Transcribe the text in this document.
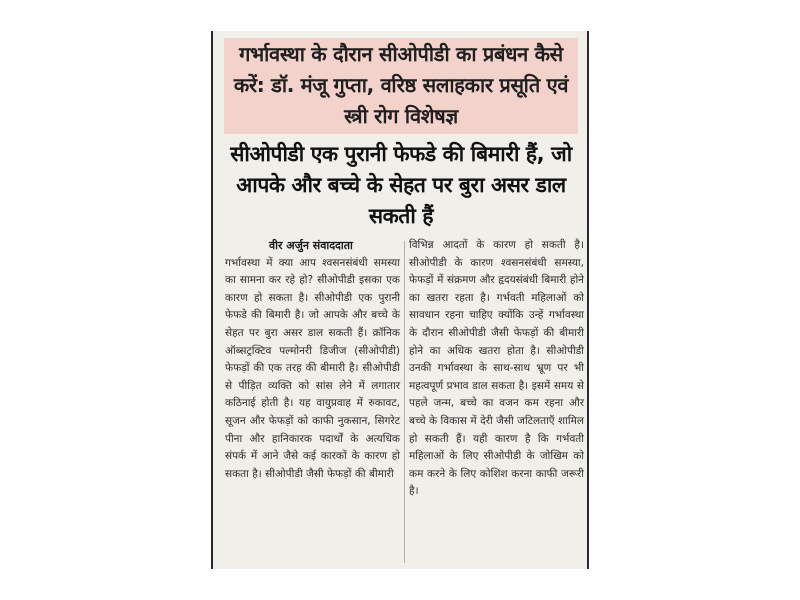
गर्भावस्था के दौरान सीओपीडी का प्रबंधन कैसे करें: डॉ. मंजू गुप्ता, वरिष्ठ सलाहकार प्रसूति एवं स्त्री रोग विशेषज्ञ
सीओपीडी एक पुरानी फेफडे की बिमारी हैं, जो आपके और बच्चे के सेहत पर बुरा असर डाल सकती हैं
वीर अर्जुन संवाददाता

गर्भावस्था में क्या आप श्वसनसंबंधी समस्या का सामना कर रहे हो? सीओपीडी इसका एक कारण हो सकता है। सीओपीडी एक पुरानी फेफडे की बिमारी है। जो आपके और बच्चे के सेहत पर बुरा असर डाल सकती हैं। क्रॉनिक ऑब्सट्रक्टिव पल्मोनरी डिजीज (सीओपीडी) फेफड़ों की एक तरह की बीमारी है। सीओपीडी से पीड़ित व्यक्ति को सांस लेने में लगातार कठिनाई होती है। यह वायुप्रवाह में रुकावट, सूजन और फेफड़ों को काफी नुकसान, सिगरेट पीना और हानिकारक पदार्थों के अत्यधिक संपर्क में आने जैसे कई कारकों के कारण हो सकता है। सीओपीडी जैसी फेफड़ों की बीमारी

विभिन्न आदतों के कारण हो सकती है। सीओपीडी के कारण श्वसनसंबंधी समस्या, फेफड़ों में संक्रमण और हृदयसंबंधी बिमारी होने का खतरा रहता है। गर्भवती महिलाओं को सावधान रहना चाहिए क्योंकि उन्हें गर्भावस्था के दौरान सीओपीडी जैसी फेफड़ों की बीमारी होने का अधिक खतरा होता है। सीओपीडी उनकी गर्भावस्था के साथ-साथ भ्रूण पर भी महत्वपूर्ण प्रभाव डाल सकता है। इसमें समय से पहले जन्म, बच्चे का वजन कम रहना और बच्चे के विकास में देरी जैसी जटिलताएँ शामिल हो सकती हैं। यही कारण है कि गर्भवती महिलाओं के लिए सीओपीडी के जोखिम को कम करने के लिए कोशिश करना काफी जरूरी है।
